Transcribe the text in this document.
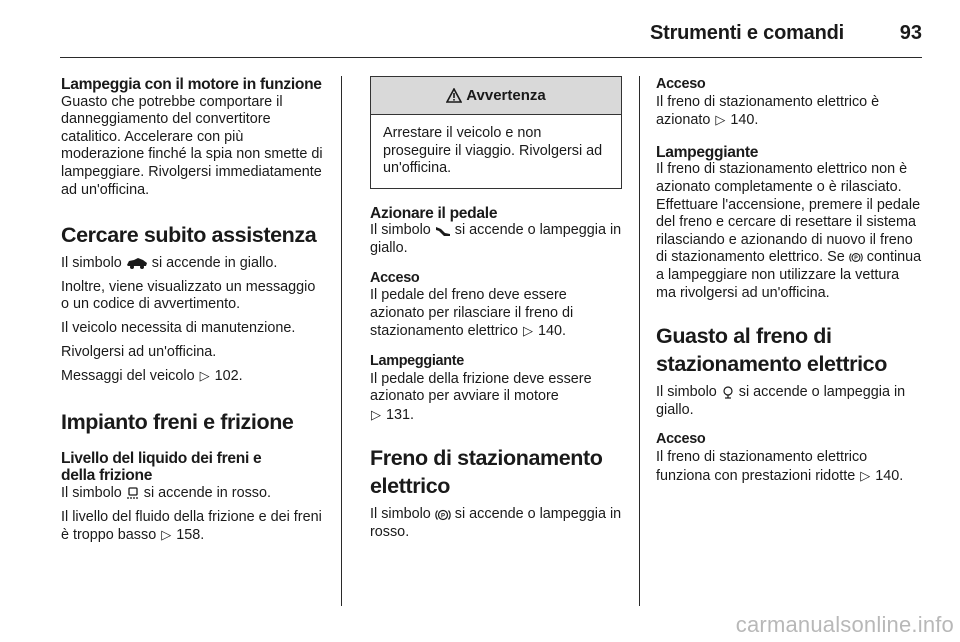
Strumenti e comandi	93
Lampeggia con il motore in funzione

Guasto che potrebbe comportare il danneggiamento del convertitore catalitico. Accelerare con più moderazione finché la spia non smette di lampeggiare. Rivolgersi immediatamente ad un'officina.

Cercare subito assistenza

Il simbolo si accende in giallo.

Inoltre, viene visualizzato un messaggio o un codice di avvertimento.

Il veicolo necessita di manutenzione.

Rivolgersi ad un'officina.

Messaggi del veicolo ▷ 102.

Impianto freni e frizione
Livello del liquido dei freni e della frizione

Il simbolo si accende in rosso.

Il livello del fluido della frizione e dei freni è troppo basso ▷ 158.

Avvertenza
Arrestare il veicolo e non proseguire il viaggio. Rivolgersi ad un'officina.
Azionare il pedale

Il simbolo si accende o lampeggia in giallo.

Acceso

Il pedale del freno deve essere azionato per rilasciare il freno di stazionamento elettrico ▷ 140.

Lampeggiante

Il pedale della frizione deve essere azionato per avviare il motore
▷ 131.

Freno di stazionamento elettrico

Il simbolo P si accende o lampeggia in rosso.

Acceso

Il freno di stazionamento elettrico è azionato ▷ 140.

Lampeggiante

Il freno di stazionamento elettrico non è azionato completamente o è rilasciato. Effettuare l'accensione, premere il pedale del freno e cercare di resettare il sistema rilasciando e azionando di nuovo il freno di stazionamento elettrico. Se P continua a lampeggiare non utilizzare la vettura ma rivolgersi ad un'officina.

Guasto al freno di stazionamento elettrico

Il simbolo si accende o lampeggia in giallo.

Acceso

Il freno di stazionamento elettrico funziona con prestazioni ridotte ▷ 140.

carmanualsonline.info
